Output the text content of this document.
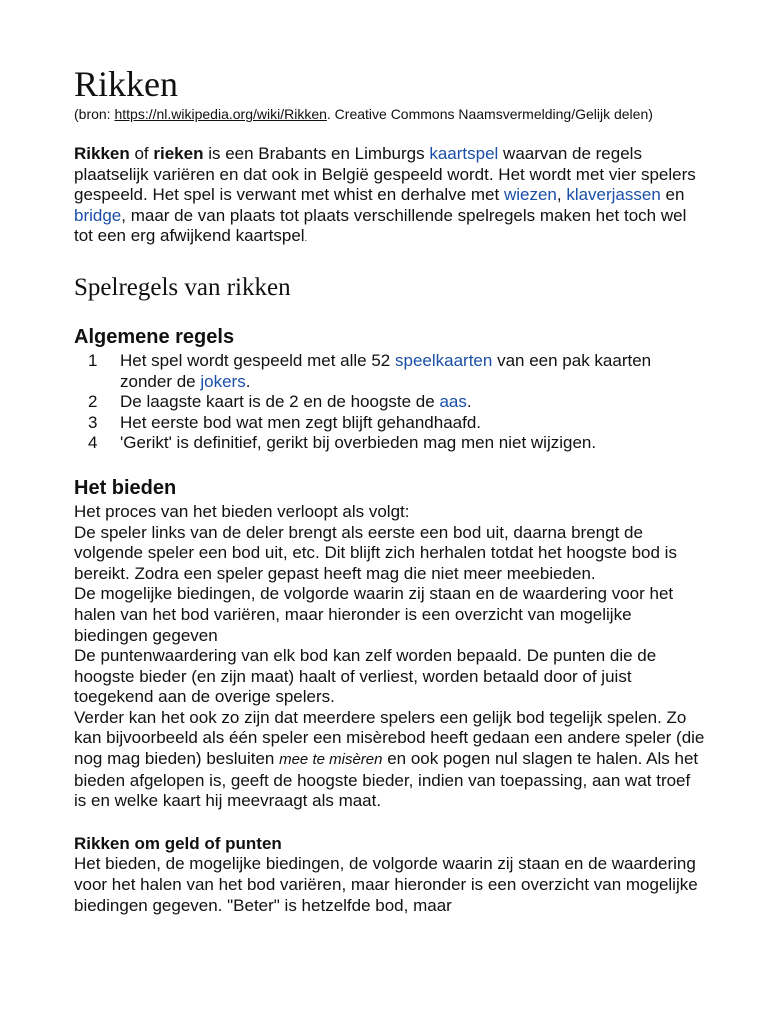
Rikken

(bron: https://nl.wikipedia.org/wiki/Rikken. Creative Commons Naamsvermelding/Gelijk delen)

Rikken of rieken is een Brabants en Limburgs kaartspel waarvan de regels plaatselijk variëren en dat ook in België gespeeld wordt. Het wordt met vier spelers gespeeld. Het spel is verwant met whist en derhalve met wiezen, klaverjassen en bridge, maar de van plaats tot plaats verschillende spelregels maken het toch wel tot een erg afwijkend kaartspel.

Spelregels van rikken
Algemene regels
1 Het spel wordt gespeeld met alle 52 speelkaarten van een pak kaarten zonder de jokers.
2 De laagste kaart is de 2 en de hoogste de aas.
3 Het eerste bod wat men zegt blijft gehandhaafd.
4 'Gerikt' is definitief, gerikt bij overbieden mag men niet wijzigen.
Het bieden

Het proces van het bieden verloopt als volgt:

De speler links van de deler brengt als eerste een bod uit, daarna brengt de volgende speler een bod uit, etc. Dit blijft zich herhalen totdat het hoogste bod is bereikt. Zodra een speler gepast heeft mag die niet meer meebieden.

De mogelijke biedingen, de volgorde waarin zij staan en de waardering voor het halen van het bod variëren, maar hieronder is een overzicht van mogelijke biedingen gegeven

De puntenwaardering van elk bod kan zelf worden bepaald. De punten die de hoogste bieder (en zijn maat) haalt of verliest, worden betaald door of juist toegekend aan de overige spelers.

Verder kan het ook zo zijn dat meerdere spelers een gelijk bod tegelijk spelen. Zo kan bijvoorbeeld als één speler een misèrebod heeft gedaan een andere speler (die nog mag bieden) besluiten mee te misèren en ook pogen nul slagen te halen. Als het bieden afgelopen is, geeft de hoogste bieder, indien van toepassing, aan wat troef is en welke kaart hij meevraagt als maat.

Rikken om geld of punten

Het bieden, de mogelijke biedingen, de volgorde waarin zij staan en de waardering voor het halen van het bod variëren, maar hieronder is een overzicht van mogelijke biedingen gegeven. "Beter" is hetzelfde bod, maar
